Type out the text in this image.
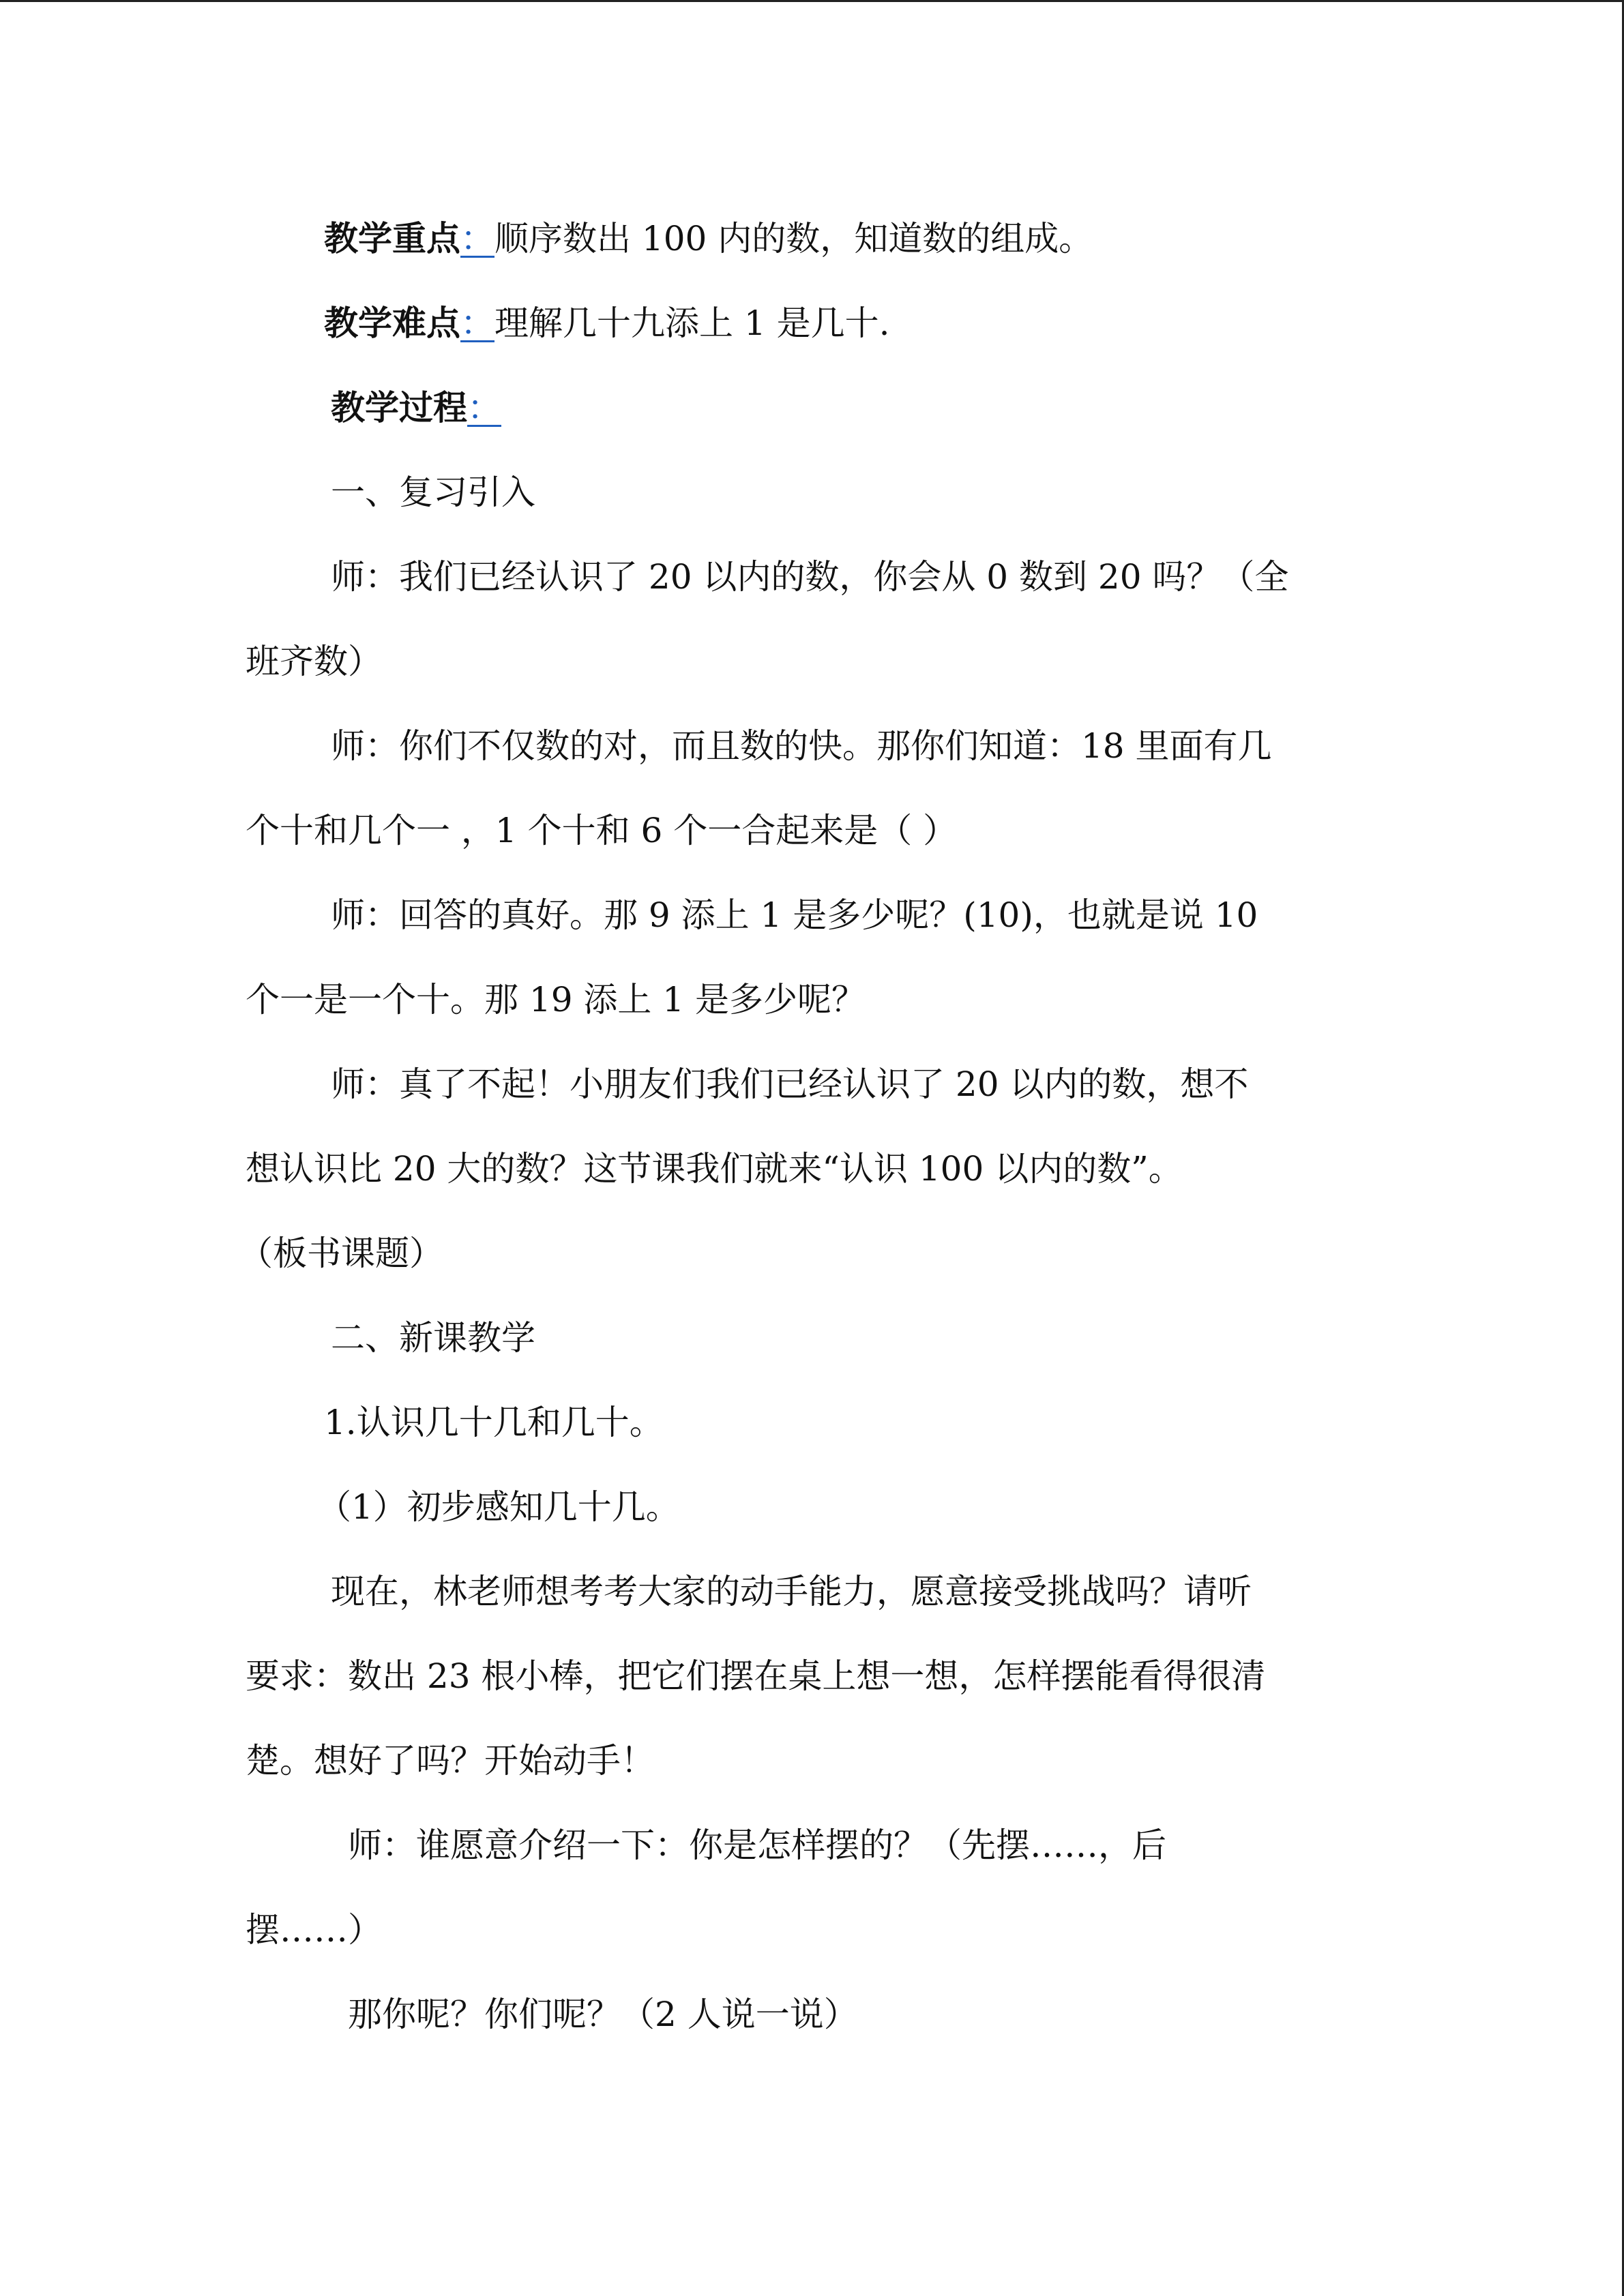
教学重点：顺序数出 100 内的数，知道数的组成。
教学难点：理解几十九添上 1 是几十.
教学过程：
一、复习引入
师：我们已经认识了 20 以内的数，你会从 0 数到 20 吗？（全
班齐数）
师：你们不仅数的对，而且数的快。那你们知道：18 里面有几
个十和几个一 ，1 个十和 6 个一合起来是（ ）
师：回答的真好。那 9 添上 1 是多少呢？(10)，也就是说 10
个一是一个十。那 19 添上 1 是多少呢？
师：真了不起！小朋友们我们已经认识了 20 以内的数，想不
想认识比 20 大的数？这节课我们就来“认识 100 以内的数”。
（板书课题）
二、新课教学
1.认识几十几和几十。
（1）初步感知几十几。
现在，林老师想考考大家的动手能力，愿意接受挑战吗？请听
要求：数出 23 根小棒，把它们摆在桌上想一想，怎样摆能看得很清
楚。想好了吗？开始动手！
师：谁愿意介绍一下：你是怎样摆的？（先摆……，后
摆……）
那你呢？你们呢？（2 人说一说）
